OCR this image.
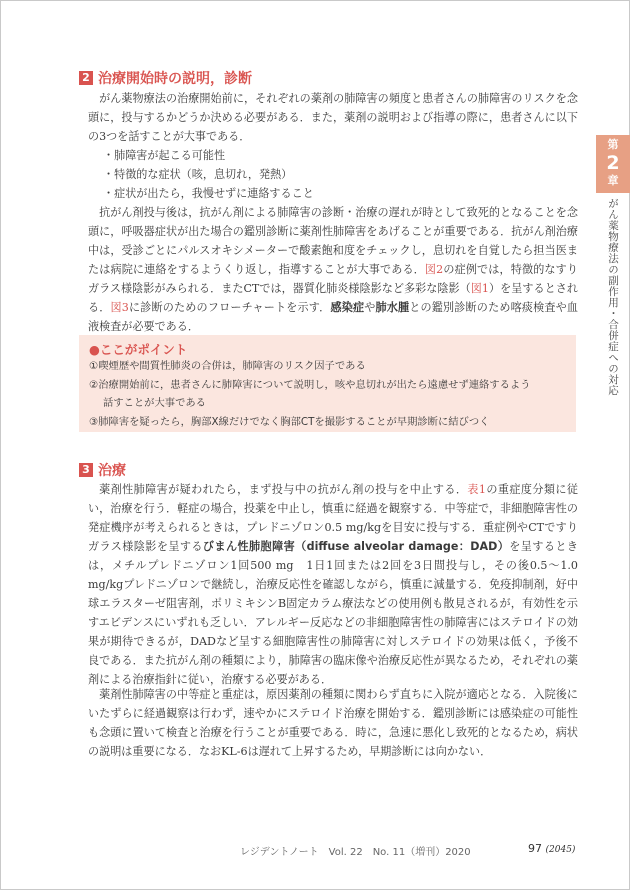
第
2
章
がん薬物療法の副作用・合併症への対応
2 治療開始時の説明，診断

がん薬物療法の治療開始前に，それぞれの薬剤の肺障害の頻度と患者さんの肺障害のリスクを念頭に，投与するかどうか決める必要がある．また，薬剤の説明および指導の際に，患者さんに以下の3つを話すことが大事である．

・肺障害が起こる可能性
・特徴的な症状（咳，息切れ，発熱）
・症状が出たら，我慢せずに連絡すること

抗がん剤投与後は，抗がん剤による肺障害の診断・治療の遅れが時として致死的となることを念頭に，呼吸器症状が出た場合の鑑別診断に薬剤性肺障害をあげることが重要である．抗がん剤治療中は，受診ごとにパルスオキシメーターで酸素飽和度をチェックし，息切れを自覚したら担当医または病院に連絡をするようくり返し，指導することが大事である．図2の症例では，特徴的なすりガラス様陰影がみられる．またCTでは，器質化肺炎様陰影など多彩な陰影（図1）を呈するとされる．図3に診断のためのフローチャートを示す．感染症や肺水腫との鑑別診断のため喀痰検査や血液検査が必要である．

●ここがポイント
①喫煙歴や間質性肺炎の合併は，肺障害のリスク因子である
②治療開始前に，患者さんに肺障害について説明し，咳や息切れが出たら遠慮せず連絡するよう
話すことが大事である
③肺障害を疑ったら，胸部X線だけでなく胸部CTを撮影することが早期診断に結びつく
3 治療

薬剤性肺障害が疑われたら，まず投与中の抗がん剤の投与を中止する．表1の重症度分類に従い，治療を行う．軽症の場合，投薬を中止し，慎重に経過を観察する．中等症で，非細胞障害性の発症機序が考えられるときは，プレドニゾロン0.5 mg/kgを目安に投与する．重症例やCTですりガラス様陰影を呈するびまん性肺胞障害（diffuse alveolar damage：DAD）を呈するときは，メチルプレドニゾロン1回500 mg　1日1回または2回を3日間投与し，その後0.5～1.0 mg/kgプレドニゾロンで継続し，治療反応性を確認しながら，慎重に減量する．免疫抑制剤，好中球エラスターゼ阻害剤，ポリミキシンB固定カラム療法などの使用例も散見されるが，有効性を示すエビデンスにいずれも乏しい．アレルギー反応などの非細胞障害性の肺障害にはステロイドの効果が期待できるが，DADなど呈する細胞障害性の肺障害に対しステロイドの効果は低く，予後不良である．また抗がん剤の種類により，肺障害の臨床像や治療反応性が異なるため，それぞれの薬剤による治療指針に従い，治療する必要がある．

薬剤性肺障害の中等症と重症は，原因薬剤の種類に関わらず直ちに入院が適応となる．入院後にいたずらに経過観察は行わず，速やかにステロイド治療を開始する．鑑別診断には感染症の可能性も念頭に置いて検査と治療を行うことが重要である．時に，急速に悪化し致死的となるため，病状の説明は重要になる．なおKL-6は遅れて上昇するため，早期診断には向かない．

レジデントノート　Vol. 22　No. 11（増刊）2020	97 (2045)
